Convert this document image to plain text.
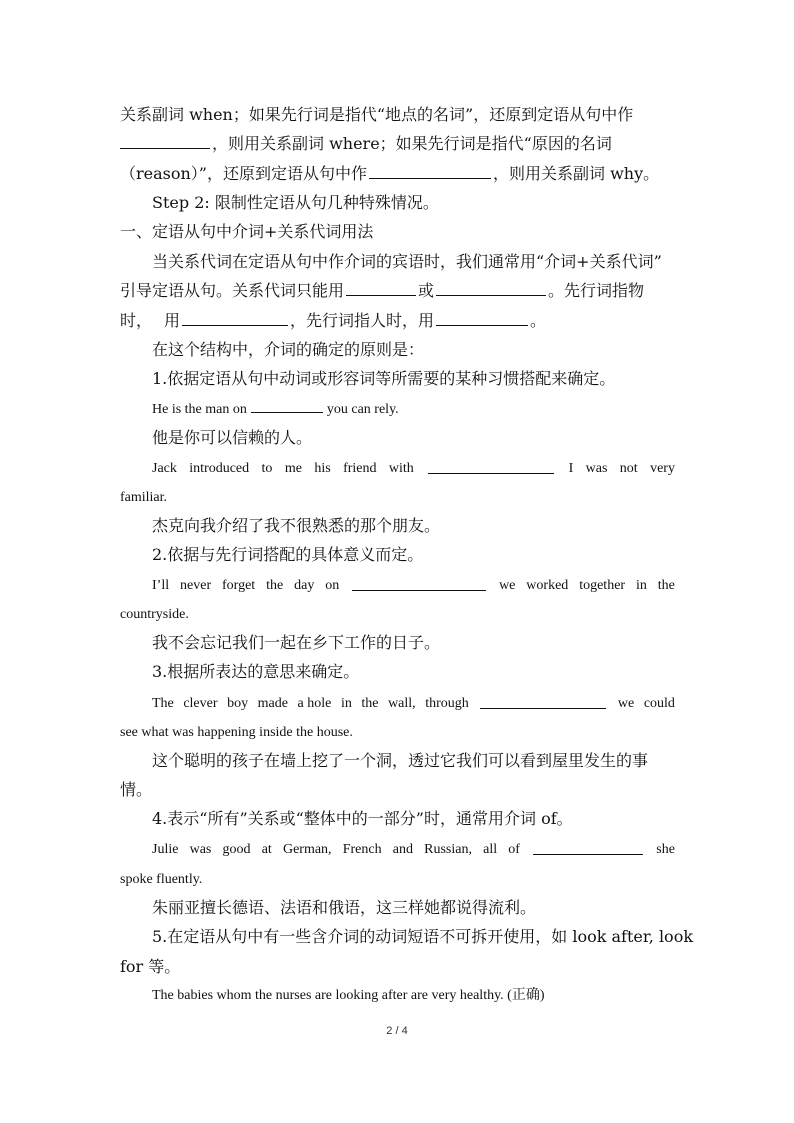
关系副词 when；如果先行词是指代“地点的名词”，还原到定语从句中作
，则用关系副词 where；如果先行词是指代“原因的名词
（reason）”，还原到定语从句中作	，则用关系副词 why。
Step 2: 限制性定语从句几种特殊情况。
一、定语从句中介词+关系代词用法
当关系代词在定语从句中作介词的宾语时，我们通常用“介词+关系代词”
引导定语从句。关系代词只能用	或	。先行词指物
时， 用	，先行词指人时，用	。
在这个结构中，介词的确定的原则是：
1.依据定语从句中动词或形容词等所需要的某种习惯搭配来确定。
He is the man on	you can rely.
他是你可以信赖的人。
Jack introduced to me his friend with	I was not very
familiar.
杰克向我介绍了我不很熟悉的那个朋友。
2.依据与先行词搭配的具体意义而定。
I’ll never forget the day on	we worked together in the
countryside.
我不会忘记我们一起在乡下工作的日子。
3.根据所表达的意思来确定。
The clever boy made a hole in the wall, through	we could
see what was happening inside the house.
这个聪明的孩子在墙上挖了一个洞，透过它我们可以看到屋里发生的事
情。
4.表示“所有”关系或“整体中的一部分”时，通常用介词 of。
Julie was good at German, French and Russian, all of	she
spoke fluently.
朱丽亚擅长德语、法语和俄语，这三样她都说得流利。
5.在定语从句中有一些含介词的动词短语不可拆开使用，如 look after, look
for 等。
The babies whom the nurses are looking after are very healthy. (正确)
2 / 4
